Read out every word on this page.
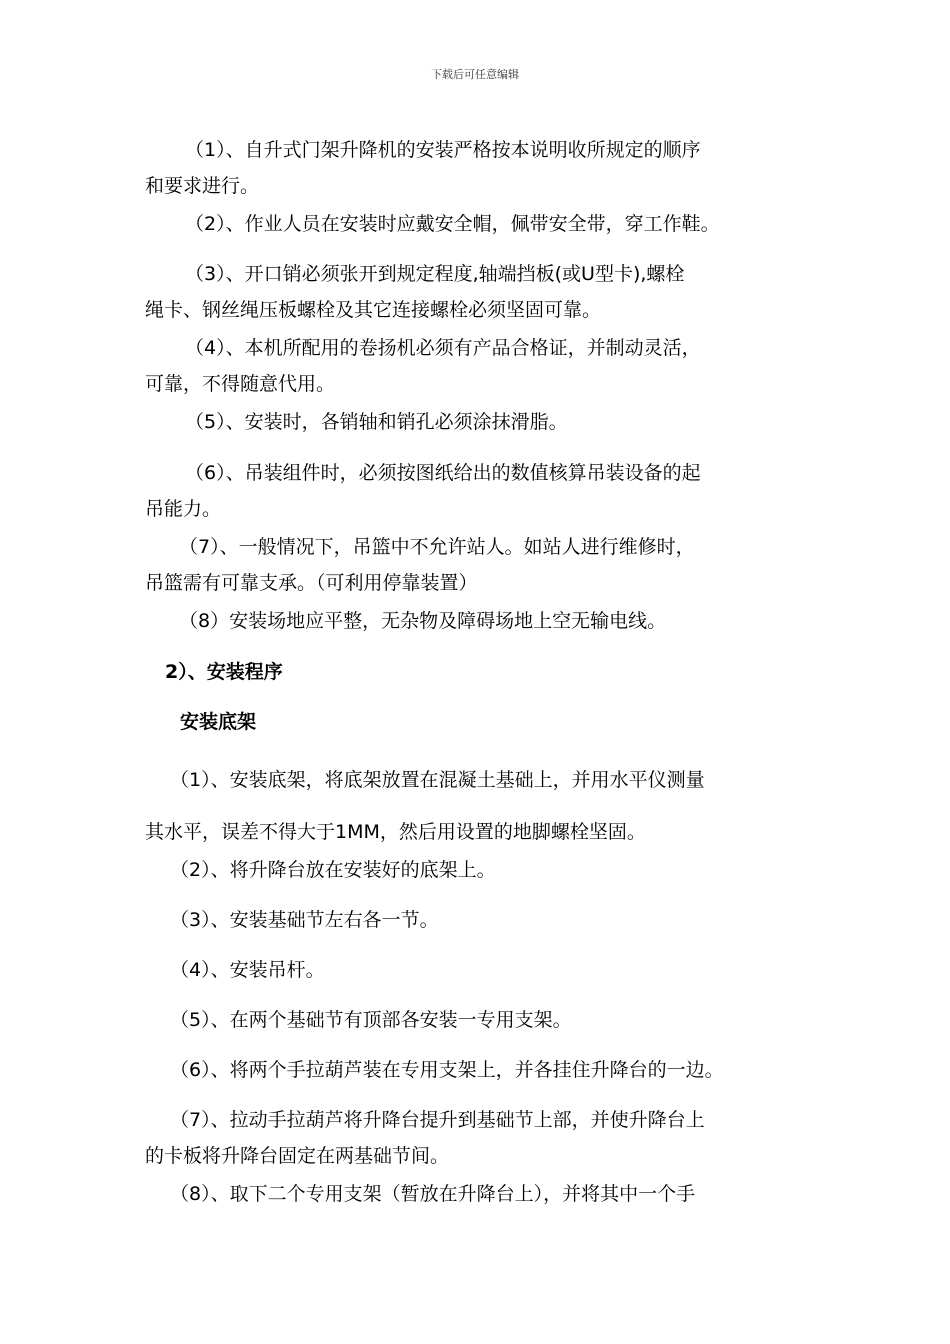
下载后可任意编辑
（1）、自升式门架升降机的安装严格按本说明收所规定的顺序
和要求进行。
（2）、作业人员在安装时应戴安全帽，佩带安全带，穿工作鞋。
（3）、开口销必须张开到规定程度,轴端挡板(或U型卡),螺栓
绳卡、钢丝绳压板螺栓及其它连接螺栓必须坚固可靠。
（4）、本机所配用的卷扬机必须有产品合格证，并制动灵活，
可靠，不得随意代用。
（5）、安装时，各销轴和销孔必须涂抹滑脂。
（6）、吊装组件时，必须按图纸给出的数值核算吊装设备的起
吊能力。
（7）、一般情况下，吊篮中不允许站人。如站人进行维修时，
吊篮需有可靠支承。（可利用停靠装置）
（8）安装场地应平整，无杂物及障碍场地上空无输电线。
2）、安装程序
安装底架
（1）、安装底架，将底架放置在混凝土基础上，并用水平仪测量
其水平，误差不得大于1MM，然后用设置的地脚螺栓坚固。
（2）、将升降台放在安装好的底架上。
（3）、安装基础节左右各一节。
（4）、安装吊杆。
（5）、在两个基础节有顶部各安装一专用支架。
（6）、将两个手拉葫芦装在专用支架上，并各挂住升降台的一边。
（7）、拉动手拉葫芦将升降台提升到基础节上部，并使升降台上
的卡板将升降台固定在两基础节间。
（8）、取下二个专用支架（暂放在升降台上），并将其中一个手
